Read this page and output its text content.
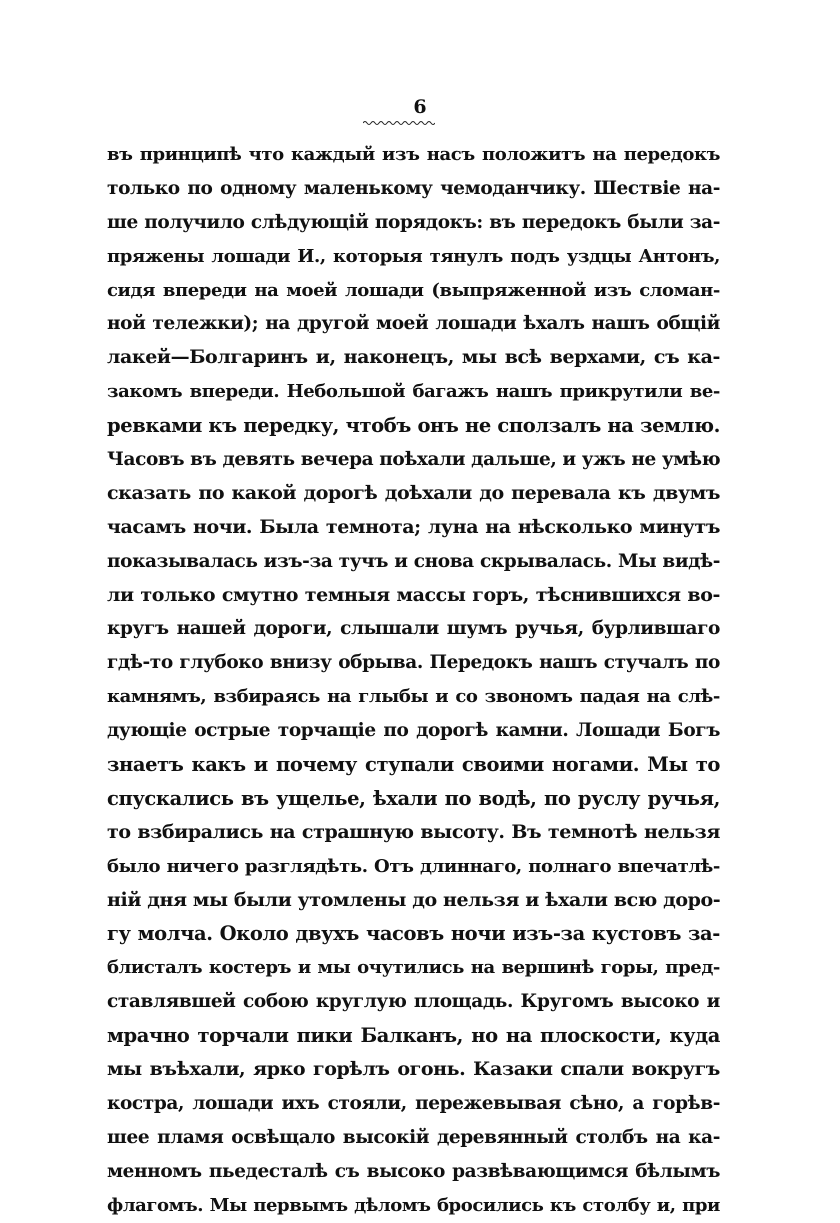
6
въ принципѣ что каждый изъ насъ положитъ на передокъ
только по одному маленькому чемоданчику. Шествіе на-
ше получило слѣдующій порядокъ: въ передокъ были за-
пряжены лошади И., которыя тянулъ подъ уздцы Антонъ,
сидя впереди на моей лошади (выпряженной изъ сломан-
ной тележки); на другой моей лошади ѣхалъ нашъ общій
лакей—Болгаринъ и, наконецъ, мы всѣ верхами, съ ка-
закомъ впереди. Небольшой багажъ нашъ прикрутили ве-
ревками къ передку, чтобъ онъ не сползалъ на землю.
Часовъ въ девять вечера поѣхали дальше, и ужъ не умѣю
сказать по какой дорогѣ доѣхали до перевала къ двумъ
часамъ ночи. Была темнота; луна на нѣсколько минутъ
показывалась изъ-за тучъ и снова скрывалась. Мы видѣ-
ли только смутно темныя массы горъ, тѣснившихся во-
кругъ нашей дороги, слышали шумъ ручья, бурлившаго
гдѣ-то глубоко внизу обрыва. Передокъ нашъ стучалъ по
камнямъ, взбираясь на глыбы и со звономъ падая на слѣ-
дующіе острые торчащіе по дорогѣ камни. Лошади Богъ
знаетъ какъ и почему ступали своими ногами. Мы то
спускались въ ущелье, ѣхали по водѣ, по руслу ручья,
то взбирались на страшную высоту. Въ темнотѣ нельзя
было ничего разглядѣть. Отъ длиннаго, полнаго впечатлѣ-
ній дня мы были утомлены до нельзя и ѣхали всю доро-
гу молча. Около двухъ часовъ ночи изъ-за кустовъ за-
блисталъ костеръ и мы очутились на вершинѣ горы, пред-
ставлявшей собою круглую площадь. Кругомъ высоко и
мрачно торчали пики Балканъ, но на плоскости, куда
мы въѣхали, ярко горѣлъ огонь. Казаки спали вокругъ
костра, лошади ихъ стояли, пережевывая сѣно, а горѣв-
шее пламя освѣщало высокій деревянный столбъ на ка-
менномъ пьедесталѣ съ высоко развѣвающимся бѣлымъ
флагомъ. Мы первымъ дѣломъ бросились къ столбу и, при
